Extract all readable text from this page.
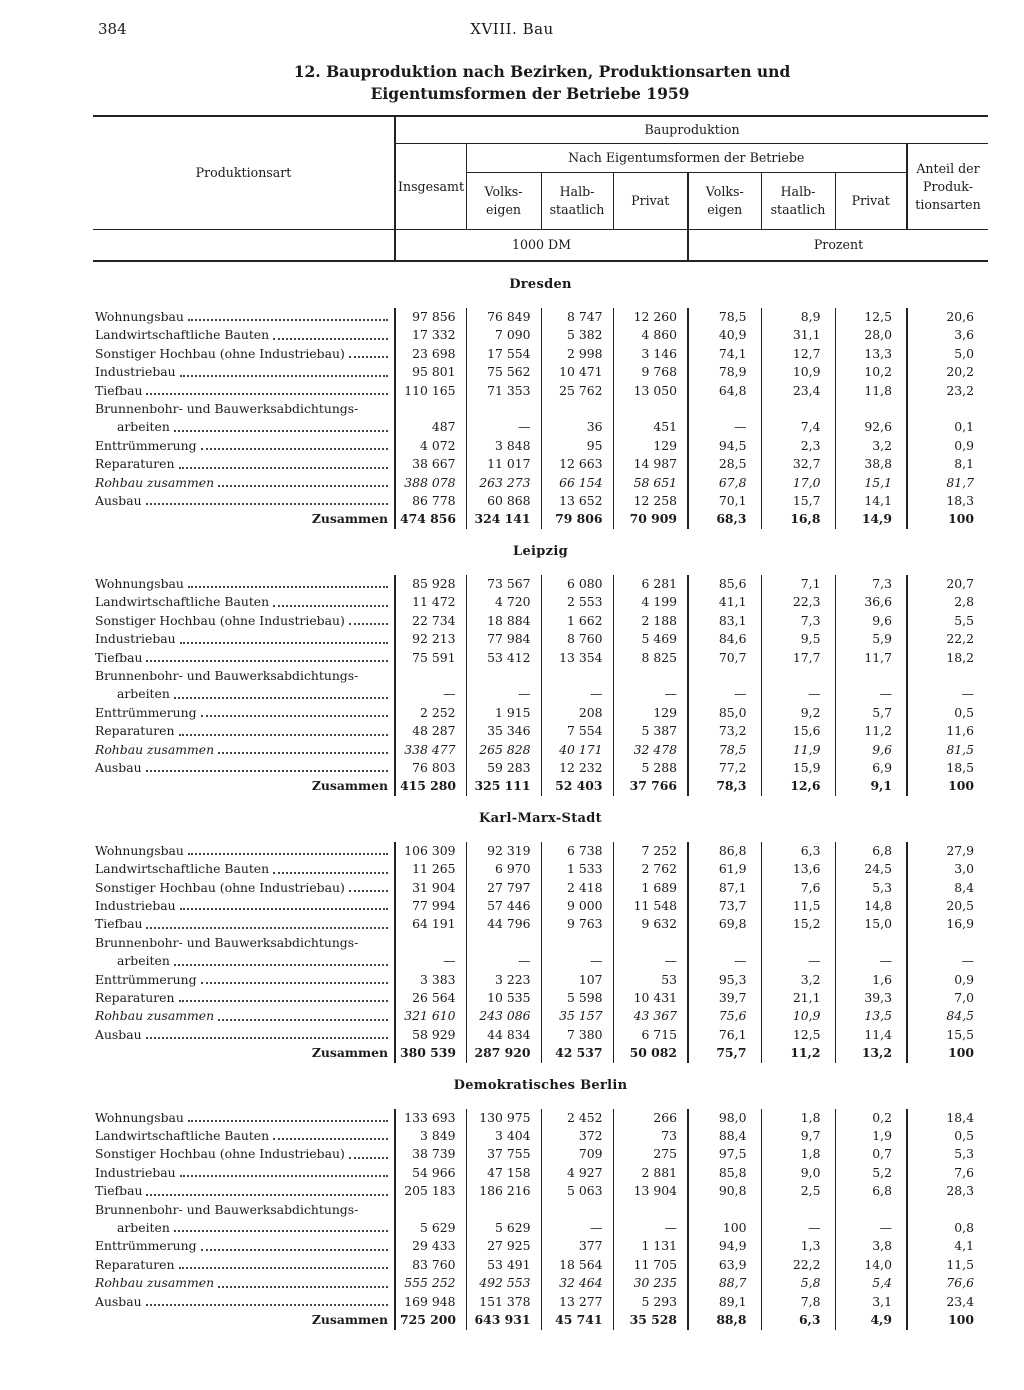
384	XVIII. Bau
12. Bauproduktion nach Bezirken, Produktionsarten und
Eigentumsformen der Betriebe 1959
Produktionsart	Bauproduktion							
	Insgesamt	Nach Eigentumsformen der Betriebe						Anteil der Produk- tionsarten
		Volks- eigen	Halb- staatlich	Privat	Volks- eigen	Halb- staatlich	Privat	
	1000 DM				Prozent			
Dresden								

Wohnungsbau	97 856	76 849	8 747	12 260	78,5	8,9	12,5	20,6

Landwirtschaftliche Bauten	17 332	7 090	5 382	4 860	40,9	31,1	28,0	3,6

Sonstiger Hochbau (ohne Industriebau)	23 698	17 554	2 998	3 146	74,1	12,7	13,3	5,0

Industriebau	95 801	75 562	10 471	9 768	78,9	10,9	10,2	20,2

Tiefbau	110 165	71 353	25 762	13 050	64,8	23,4	11,8	23,2

Brunnenbohr- und Bauwerksabdichtungs-								

arbeiten	487	—	36	451	—	7,4	92,6	0,1

Enttrümmerung	4 072	3 848	95	129	94,5	2,3	3,2	0,9

Reparaturen	38 667	11 017	12 663	14 987	28,5	32,7	38,8	8,1

Rohbau zusammen	388 078	263 273	66 154	58 651	67,8	17,0	15,1	81,7

Ausbau	86 778	60 868	13 652	12 258	70,1	15,7	14,1	18,3

Zusammen	474 856	324 141	79 806	70 909	68,3	16,8	14,9	100
Leipzig								

Wohnungsbau	85 928	73 567	6 080	6 281	85,6	7,1	7,3	20,7

Landwirtschaftliche Bauten	11 472	4 720	2 553	4 199	41,1	22,3	36,6	2,8

Sonstiger Hochbau (ohne Industriebau)	22 734	18 884	1 662	2 188	83,1	7,3	9,6	5,5

Industriebau	92 213	77 984	8 760	5 469	84,6	9,5	5,9	22,2

Tiefbau	75 591	53 412	13 354	8 825	70,7	17,7	11,7	18,2

Brunnenbohr- und Bauwerksabdichtungs-								

arbeiten	—	—	—	—	—	—	—	—

Enttrümmerung	2 252	1 915	208	129	85,0	9,2	5,7	0,5

Reparaturen	48 287	35 346	7 554	5 387	73,2	15,6	11,2	11,6

Rohbau zusammen	338 477	265 828	40 171	32 478	78,5	11,9	9,6	81,5

Ausbau	76 803	59 283	12 232	5 288	77,2	15,9	6,9	18,5

Zusammen	415 280	325 111	52 403	37 766	78,3	12,6	9,1	100
Karl-Marx-Stadt								

Wohnungsbau	106 309	92 319	6 738	7 252	86,8	6,3	6,8	27,9

Landwirtschaftliche Bauten	11 265	6 970	1 533	2 762	61,9	13,6	24,5	3,0

Sonstiger Hochbau (ohne Industriebau)	31 904	27 797	2 418	1 689	87,1	7,6	5,3	8,4

Industriebau	77 994	57 446	9 000	11 548	73,7	11,5	14,8	20,5

Tiefbau	64 191	44 796	9 763	9 632	69,8	15,2	15,0	16,9

Brunnenbohr- und Bauwerksabdichtungs-								

arbeiten	—	—	—	—	—	—	—	—

Enttrümmerung	3 383	3 223	107	53	95,3	3,2	1,6	0,9

Reparaturen	26 564	10 535	5 598	10 431	39,7	21,1	39,3	7,0

Rohbau zusammen	321 610	243 086	35 157	43 367	75,6	10,9	13,5	84,5

Ausbau	58 929	44 834	7 380	6 715	76,1	12,5	11,4	15,5

Zusammen	380 539	287 920	42 537	50 082	75,7	11,2	13,2	100
Demokratisches Berlin								

Wohnungsbau	133 693	130 975	2 452	266	98,0	1,8	0,2	18,4

Landwirtschaftliche Bauten	3 849	3 404	372	73	88,4	9,7	1,9	0,5

Sonstiger Hochbau (ohne Industriebau)	38 739	37 755	709	275	97,5	1,8	0,7	5,3

Industriebau	54 966	47 158	4 927	2 881	85,8	9,0	5,2	7,6

Tiefbau	205 183	186 216	5 063	13 904	90,8	2,5	6,8	28,3

Brunnenbohr- und Bauwerksabdichtungs-								

arbeiten	5 629	5 629	—	—	100	—	—	0,8

Enttrümmerung	29 433	27 925	377	1 131	94,9	1,3	3,8	4,1

Reparaturen	83 760	53 491	18 564	11 705	63,9	22,2	14,0	11,5

Rohbau zusammen	555 252	492 553	32 464	30 235	88,7	5,8	5,4	76,6

Ausbau	169 948	151 378	13 277	5 293	89,1	7,8	3,1	23,4

Zusammen	725 200	643 931	45 741	35 528	88,8	6,3	4,9	100
